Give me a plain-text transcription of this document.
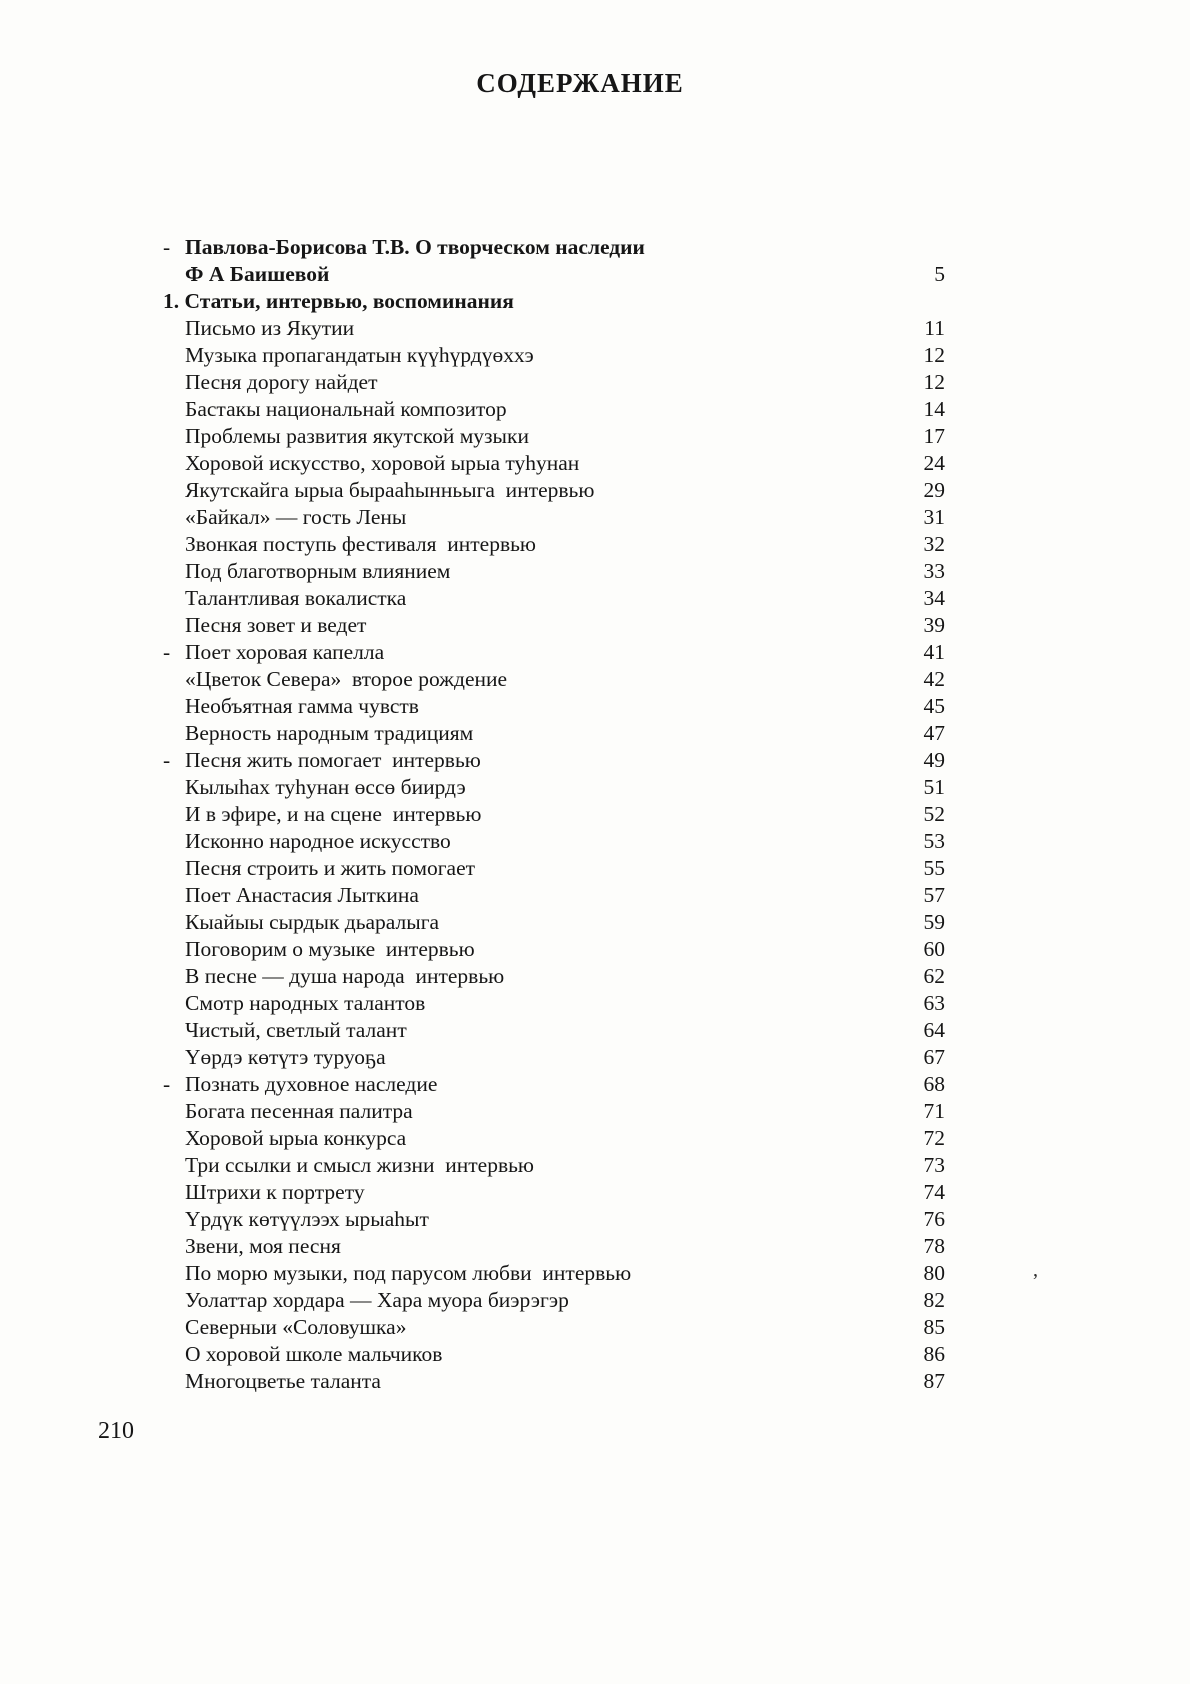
СОДЕРЖАНИЕ
- Павлова-Борисова Т.В. О творческом наследии
Ф А Баишевой	5
1. Статьи, интервью, воспоминания
Письмо из Якутии	11
Музыка пропагандатын күүһүрдүөххэ	12
Песня дорогу найдет	12
Бастакы национальнай композитор	14
Проблемы развития якутской музыки	17
Хоровой искусство, хоровой ырыа туһунан	24
Якутскайга ырыа бырааһынньыга  интервью	29
«Байкал» — гость Лены	31
Звонкая поступь фестиваля  интервью	32
Под благотворным влиянием	33
Талантливая вокалистка	34
Песня зовет и ведет	39
- Поет хоровая капелла	41
«Цветок Севера»  второе рождение	42
Необъятная гамма чувств	45
Верность народным традициям	47
- Песня жить помогает  интервью	49
Кылыһах туһунан өссө биирдэ	51
И в эфире, и на сцене  интервью	52
Исконно народное искусство	53
Песня строить и жить помогает	55
Поет Анастасия Лыткина	57
Кыайыы сырдык дьаралыга	59
Поговорим о музыке  интервью	60
В песне — душа народа  интервью	62
Смотр народных талантов	63
Чистый, светлый талант	64
Үөрдэ көтүтэ туруоҕа	67
- Познать духовное наследие	68
Богата песенная палитра	71
Хоровой ырыа конкурса	72
Три ссылки и смысл жизни  интервью	73
Штрихи к портрету	74
Үрдүк көтүүлээх ырыаһыт	76
Звени, моя песня	78
По морю музыки, под парусом любви  интервью	80
Уолаттар хордара — Хара муора биэрэгэр	82
Северныи «Соловушка»	85
О хоровой школе мальчиков	86
Многоцветье таланта	87
210
’
